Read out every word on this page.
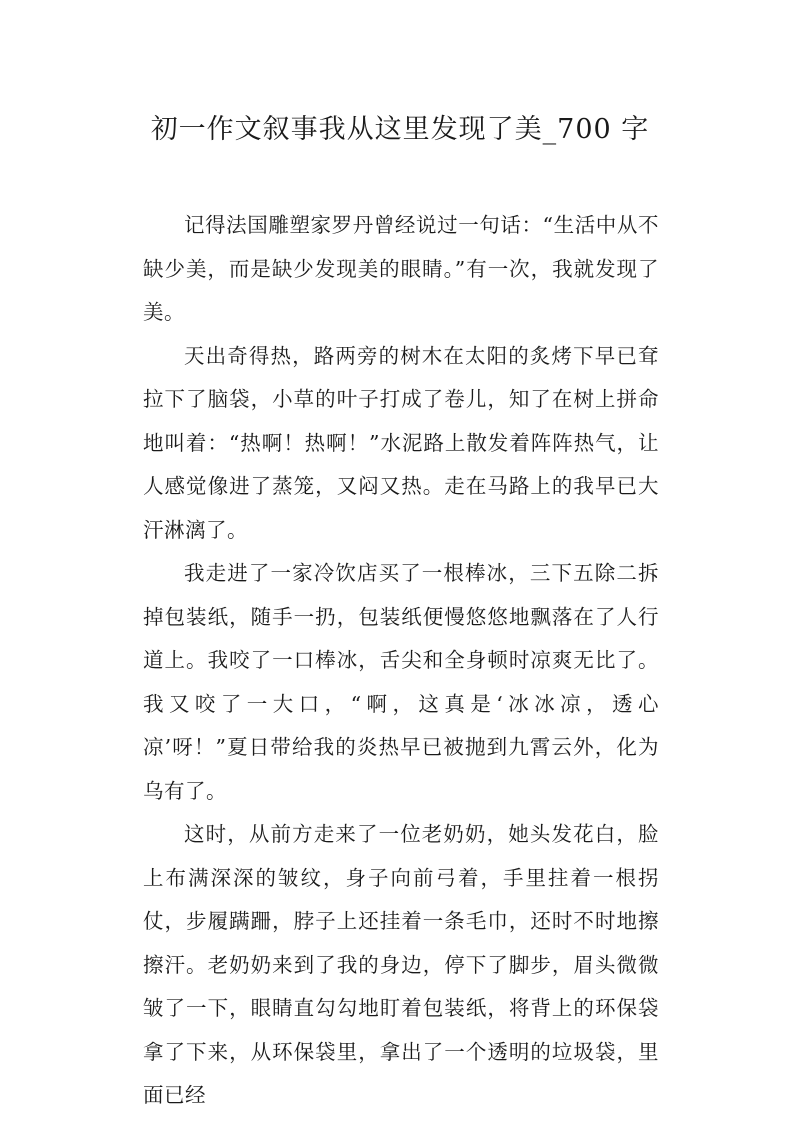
初一作文叙事我从这里发现了美_700 字

记得法国雕塑家罗丹曾经说过一句话：“生活中从不缺少美，而是缺少发现美的眼睛。”有一次，我就发现了美。

天出奇得热，路两旁的树木在太阳的炙烤下早已耷拉下了脑袋，小草的叶子打成了卷儿，知了在树上拼命地叫着：“热啊！热啊！”水泥路上散发着阵阵热气，让人感觉像进了蒸笼，又闷又热。走在马路上的我早已大汗淋漓了。

我走进了一家冷饮店买了一根棒冰，三下五除二拆掉包装纸，随手一扔，包装纸便慢悠悠地飘落在了人行道上。我咬了一口棒冰，舌尖和全身顿时凉爽无比了。我又咬了一大口，“啊，这真是‘冰冰凉，透心凉’呀！”夏日带给我的炎热早已被抛到九霄云外，化为乌有了。

这时，从前方走来了一位老奶奶，她头发花白，脸上布满深深的皱纹，身子向前弓着，手里拄着一根拐仗，步履蹒跚，脖子上还挂着一条毛巾，还时不时地擦擦汗。老奶奶来到了我的身边，停下了脚步，眉头微微皱了一下，眼睛直勾勾地盯着包装纸，将背上的环保袋拿了下来，从环保袋里，拿出了一个透明的垃圾袋，里面已经
